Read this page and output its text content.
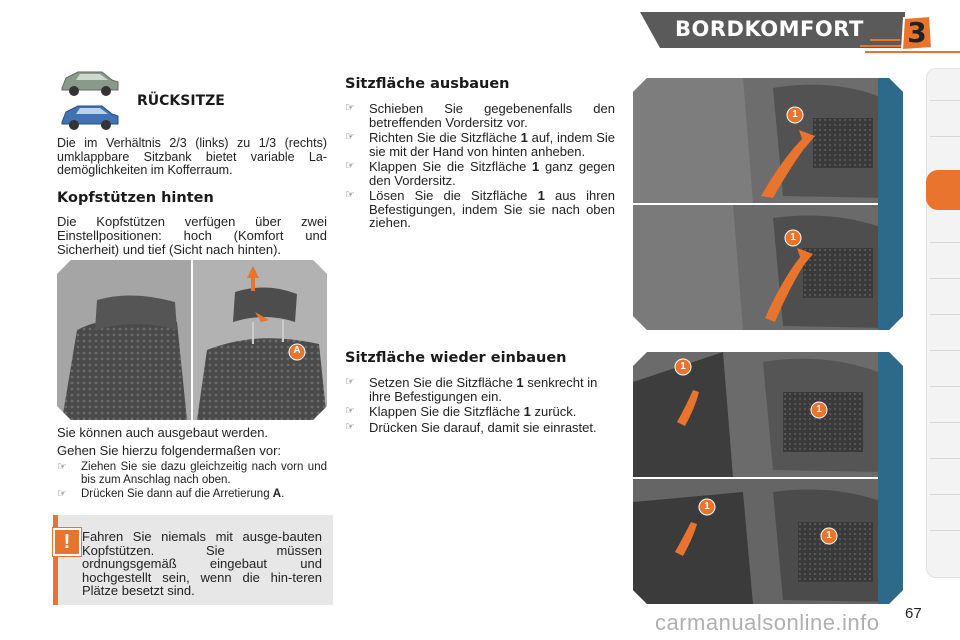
BORDKOMFORT 3
RÜCKSITZE
Die im Verhältnis 2/3 (links) zu 1/3 (rechts) umklappbare Sitzbank bietet variable La-demöglichkeiten im Kofferraum.
Kopfstützen hinten
Die Kopfstützen verfügen über zwei Einstellpositionen: hoch (Komfort und Sicherheit) und tief (Sicht nach hinten).
A
Sie können auch ausgebaut werden.
Gehen Sie hierzu folgendermaßen vor:
☞ Ziehen Sie sie dazu gleichzeitig nach vorn und bis zum Anschlag nach oben.
☞ Drücken Sie dann auf die Arretierung A.
! Fahren Sie niemals mit ausge-bauten Kopfstützen. Sie müssen ordnungsgemäß eingebaut und hochgestellt sein, wenn die hin-teren Plätze besetzt sind.
Sitzfläche ausbauen
☞ Schieben Sie gegebenenfalls den betreffenden Vordersitz vor.
☞ Richten Sie die Sitzfläche 1 auf, indem Sie sie mit der Hand von hinten anheben.
☞ Klappen Sie die Sitzfläche 1 ganz gegen den Vordersitz.
☞ Lösen Sie die Sitzfläche 1 aus ihren Befestigungen, indem Sie sie nach oben ziehen.
Sitzfläche wieder einbauen
☞ Setzen Sie die Sitzfläche 1 senkrecht in ihre Befestigungen ein.
☞ Klappen Sie die Sitzfläche 1 zurück.
☞ Drücken Sie darauf, damit sie einrastet.
1
1
1
1
1
1
67
carmanualsonline.info
